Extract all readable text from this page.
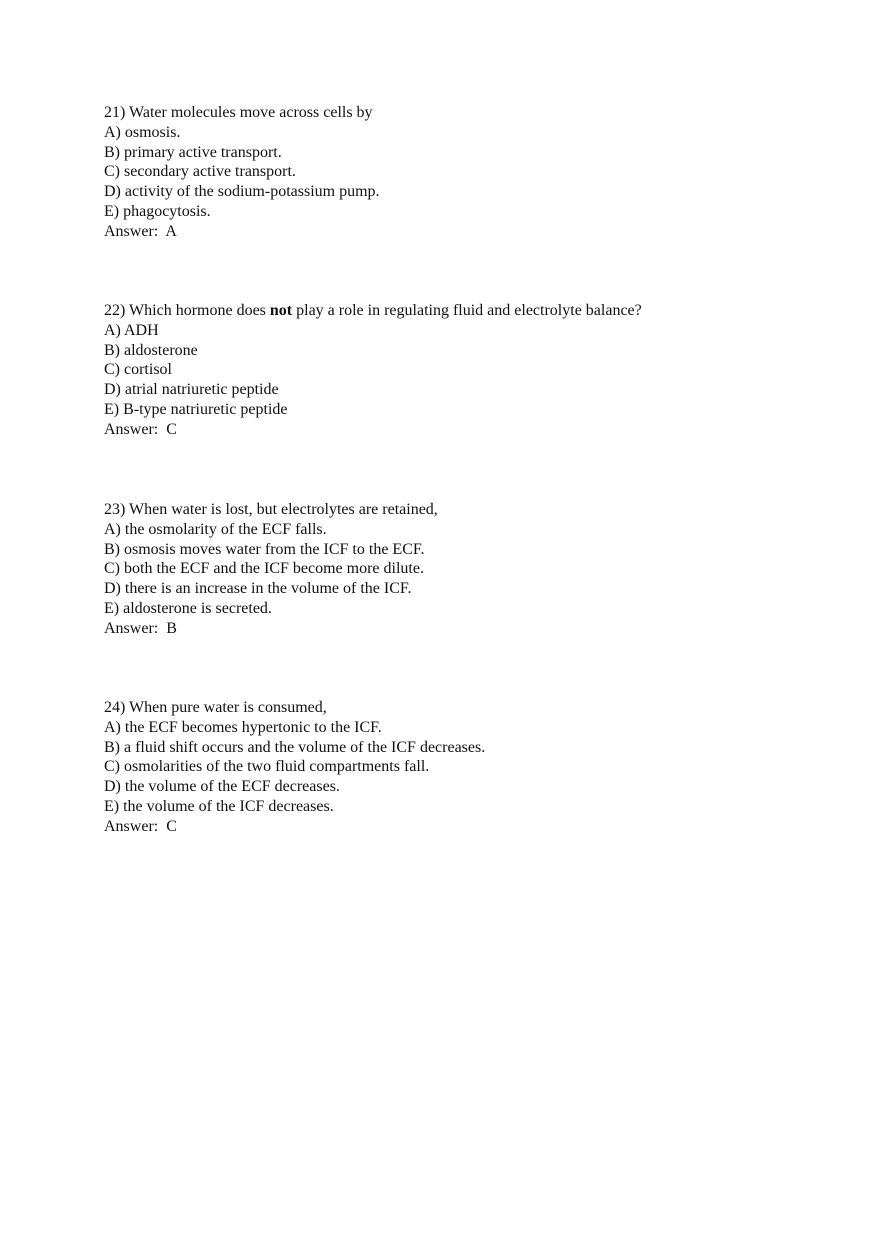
21) Water molecules move across cells by
A) osmosis.
B) primary active transport.
C) secondary active transport.
D) activity of the sodium-potassium pump.
E) phagocytosis.
Answer:  A
22) Which hormone does not play a role in regulating fluid and electrolyte balance?
A) ADH
B) aldosterone
C) cortisol
D) atrial natriuretic peptide
E) B-type natriuretic peptide
Answer:  C
23) When water is lost, but electrolytes are retained,
A) the osmolarity of the ECF falls.
B) osmosis moves water from the ICF to the ECF.
C) both the ECF and the ICF become more dilute.
D) there is an increase in the volume of the ICF.
E) aldosterone is secreted.
Answer:  B
24) When pure water is consumed,
A) the ECF becomes hypertonic to the ICF.
B) a fluid shift occurs and the volume of the ICF decreases.
C) osmolarities of the two fluid compartments fall.
D) the volume of the ECF decreases.
E) the volume of the ICF decreases.
Answer:  C
